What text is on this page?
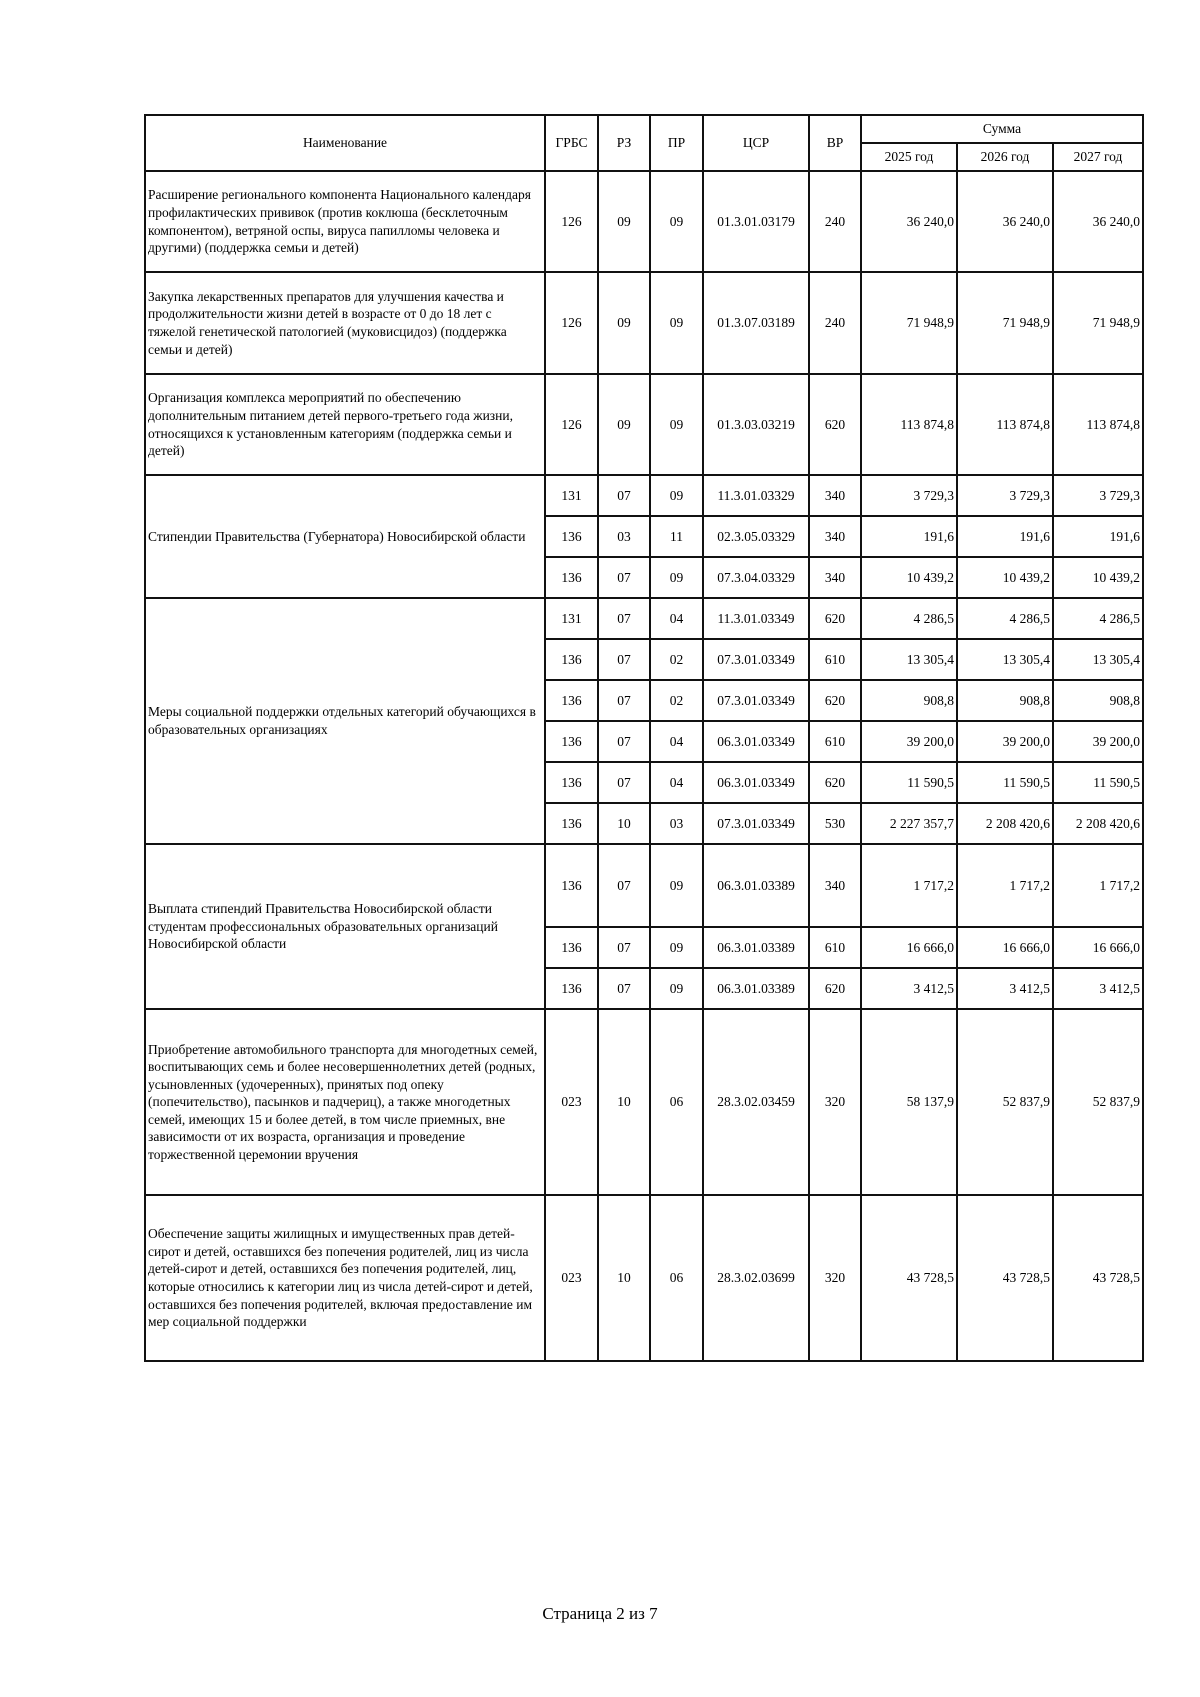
Наименование	ГРБС	РЗ	ПР	ЦСР	ВР	Сумма		
						2025 год	2026 год	2027 год
Расширение регионального компонента Национального календаря профилактических прививок (против коклюша (бесклеточным компонентом), ветряной оспы, вируса папилломы человека и другими) (поддержка семьи и детей)	126	09	09	01.3.01.03179	240	36 240,0	36 240,0	36 240,0
Закупка лекарственных препаратов для улучшения качества и продолжительности жизни детей в возрасте от 0 до 18 лет с тяжелой генетической патологией (муковисцидоз) (поддержка семьи и детей)	126	09	09	01.3.07.03189	240	71 948,9	71 948,9	71 948,9
Организация комплекса мероприятий по обеспечению дополнительным питанием детей первого-третьего года жизни, относящихся к установленным категориям (поддержка семьи и детей)	126	09	09	01.3.03.03219	620	113 874,8	113 874,8	113 874,8
Стипендии Правительства (Губернатора) Новосибирской области	131	07	09	11.3.01.03329	340	3 729,3	3 729,3	3 729,3
	136	03	11	02.3.05.03329	340	191,6	191,6	191,6
	136	07	09	07.3.04.03329	340	10 439,2	10 439,2	10 439,2
Меры социальной поддержки отдельных категорий обучающихся в образовательных организациях	131	07	04	11.3.01.03349	620	4 286,5	4 286,5	4 286,5
	136	07	02	07.3.01.03349	610	13 305,4	13 305,4	13 305,4
	136	07	02	07.3.01.03349	620	908,8	908,8	908,8
	136	07	04	06.3.01.03349	610	39 200,0	39 200,0	39 200,0
	136	07	04	06.3.01.03349	620	11 590,5	11 590,5	11 590,5
	136	10	03	07.3.01.03349	530	2 227 357,7	2 208 420,6	2 208 420,6
Выплата стипендий Правительства Новосибирской области студентам профессиональных образовательных организаций Новосибирской области	136	07	09	06.3.01.03389	340	1 717,2	1 717,2	1 717,2
	136	07	09	06.3.01.03389	610	16 666,0	16 666,0	16 666,0
	136	07	09	06.3.01.03389	620	3 412,5	3 412,5	3 412,5
Приобретение автомобильного транспорта для многодетных семей, воспитывающих семь и более несовершеннолетних детей (родных, усыновленных (удочеренных), принятых под опеку (попечительство), пасынков и падчериц), а также многодетных семей, имеющих 15 и более детей, в том числе приемных, вне зависимости от их возраста, организация и проведение торжественной церемонии вручения	023	10	06	28.3.02.03459	320	58 137,9	52 837,9	52 837,9
Обеспечение защиты жилищных и имущественных прав детей-сирот и детей, оставшихся без попечения родителей, лиц из числа детей-сирот и детей, оставшихся без попечения родителей, лиц, которые относились к категории лиц из числа детей-сирот и детей, оставшихся без попечения родителей, включая предоставление им мер социальной поддержки	023	10	06	28.3.02.03699	320	43 728,5	43 728,5	43 728,5
Страница 2 из 7
